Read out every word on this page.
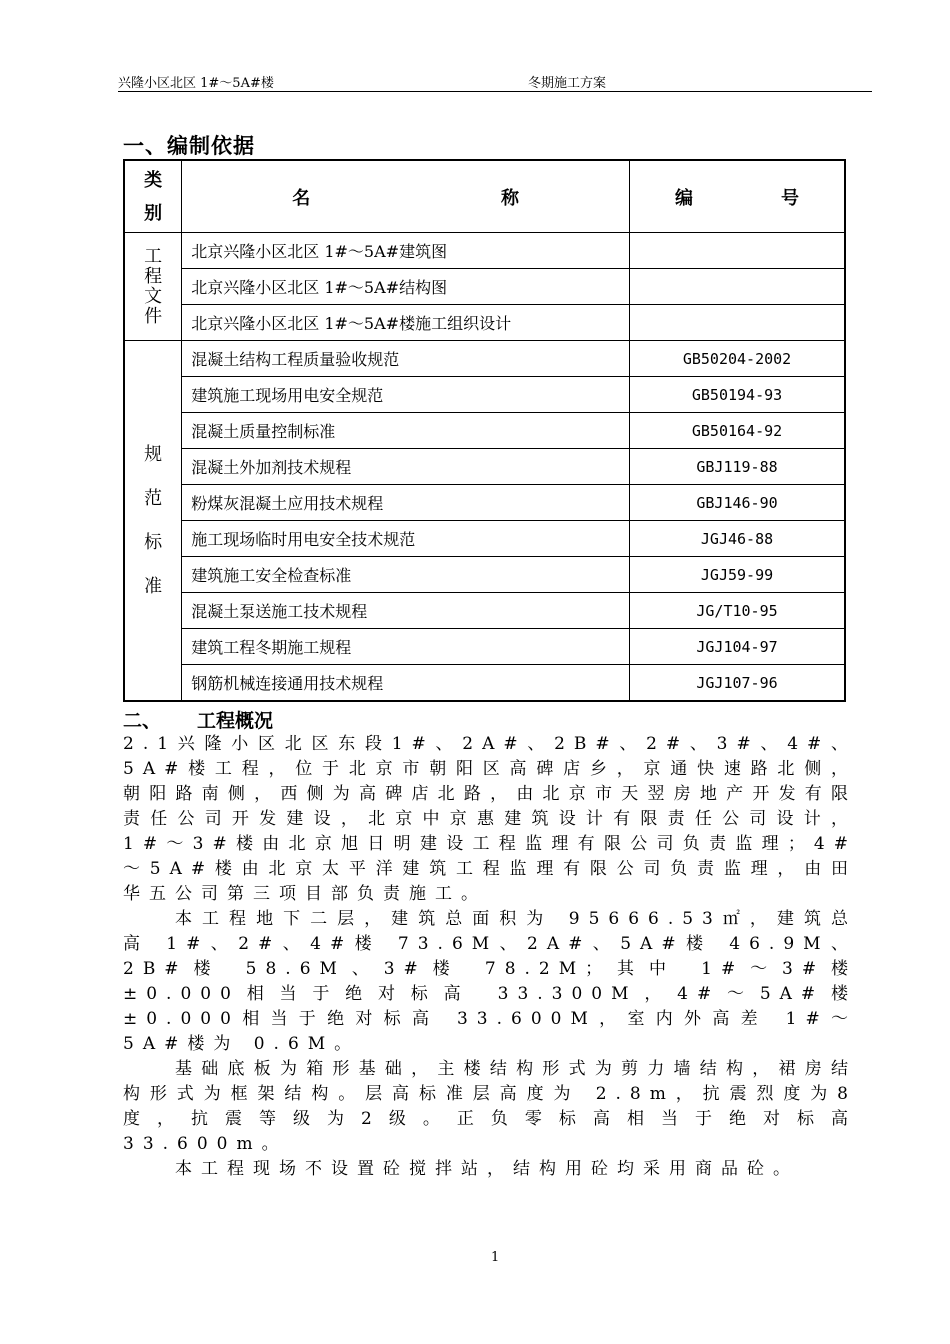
兴隆小区北区 1#～5A#楼	冬期施工方案
一、编制依据
类别	名 称	编 号

工程文件	北京兴隆小区北区 1#～5A#建筑图	
	北京兴隆小区北区 1#～5A#结构图	
	北京兴隆小区北区 1#～5A#楼施工组织设计	
规范标准	混凝土结构工程质量验收规范	GB50204-2002
	建筑施工现场用电安全规范	GB50194-93
	混凝土质量控制标准	GB50164-92
	混凝土外加剂技术规程	GBJ119-88
	粉煤灰混凝土应用技术规程	GBJ146-90
	施工现场临时用电安全技术规范	JGJ46-88
	建筑施工安全检查标准	JGJ59-99
	混凝土泵送施工技术规程	JG/T10-95
	建筑工程冬期施工规程	JGJ104-97
	钢筋机械连接通用技术规程	JGJ107-96
二、 工程概况

2.1兴隆小区北区东段1#、2A#、2B#、2#、3#、4#、5A#楼工程，位于北京市朝阳区高碑店乡，京通快速路北侧，朝阳路南侧，西侧为高碑店北路，由北京市天翌房地产开发有限责任公司开发建设，北京中京惠建筑设计有限责任公司设计，1#～3#楼由北京旭日明建设工程监理有限公司负责监理；4#～5A#楼由北京太平洋建筑工程监理有限公司负责监理，由田华五公司第三项目部负责施工。

本工程地下二层，建筑总面积为 95666.53㎡，建筑总高 1#、2#、4#楼 73.6M、2A#、5A#楼 46.9M、2B#楼 58.6M、3#楼 78.2M；其中 1#～3#楼 ±0.000相当于绝对标高 33.300M，4#～5A#楼 ±0.000相当于绝对标高 33.600M，室内外高差 1#～5A#楼为 0.6M。

基础底板为箱形基础，主楼结构形式为剪力墙结构，裙房结构形式为框架结构。层高标准层高度为 2.8m，抗震烈度为8度，抗震等级为2级。正负零标高相当于绝对标高 33.600m。

本工程现场不设置砼搅拌站，结构用砼均采用商品砼。

1
